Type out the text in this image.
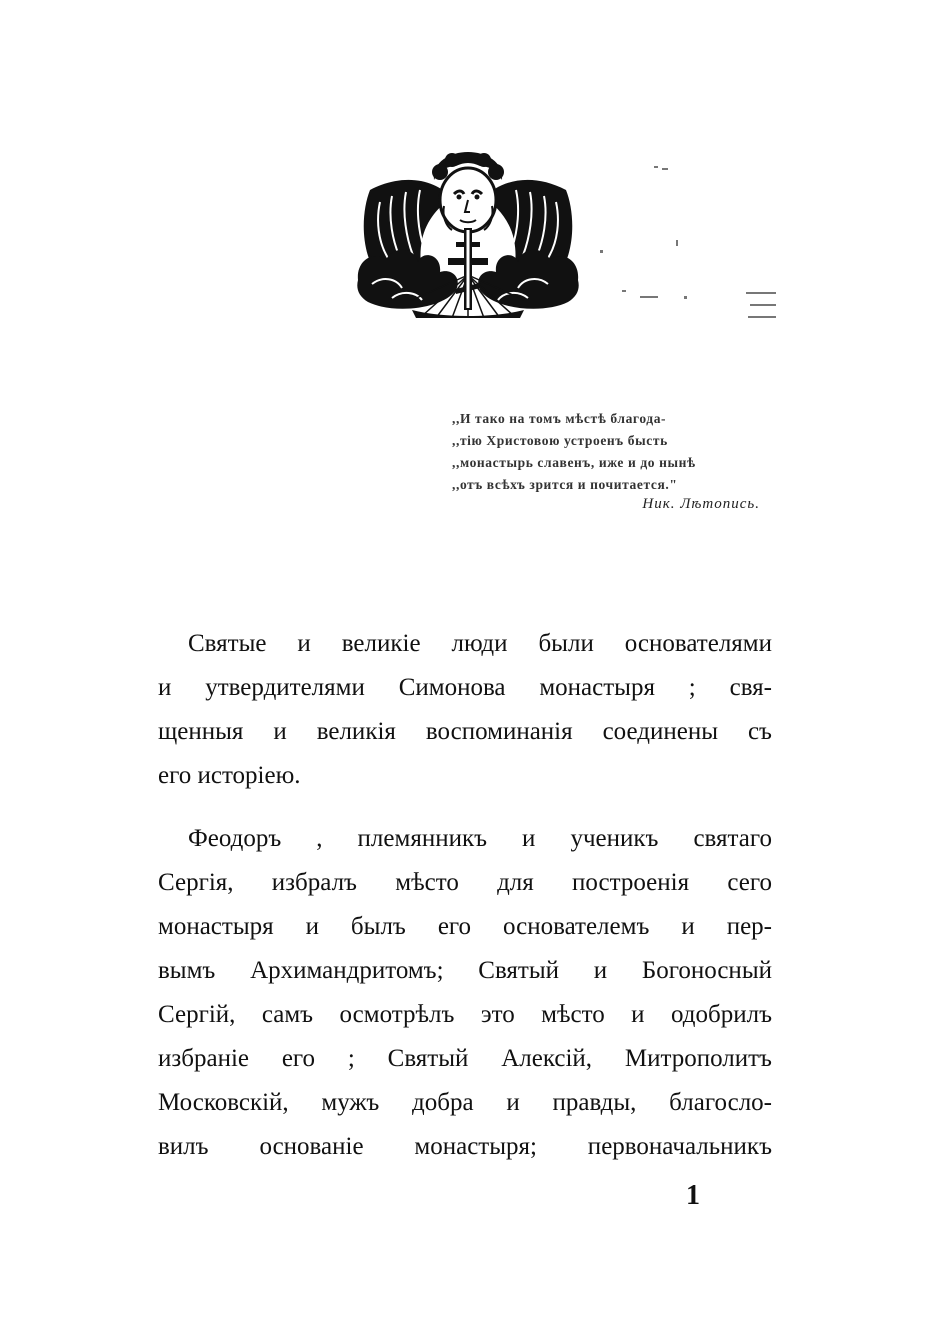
,,И тако на томъ мѣстѣ благода-
,,тію Христовою устроенъ бысть
,,монастырь славенъ, иже и до нынѣ
,,отъ всѣхъ зрится и почитается."
Ник. Лѣтопись.
Святые и великіе люди были основателями
и утвердителями Симонова монастыря ; свя-
щенныя и великія воспоминанія соединены съ
его исторіею.
Феодоръ , племянникъ и ученикъ святаго
Сергія, избралъ мѣсто для построенія сего
монастыря и былъ его основателемъ и пер-
вымъ Архимандритомъ; Святый и Богоносный
Сергій, самъ осмотрѣлъ это мѣсто и одобрилъ
избраніе его ; Святый Алексій, Митрополитъ
Московскій, мужъ добра и правды, благосло-
вилъ основаніе монастыря; первоначальникъ
1
